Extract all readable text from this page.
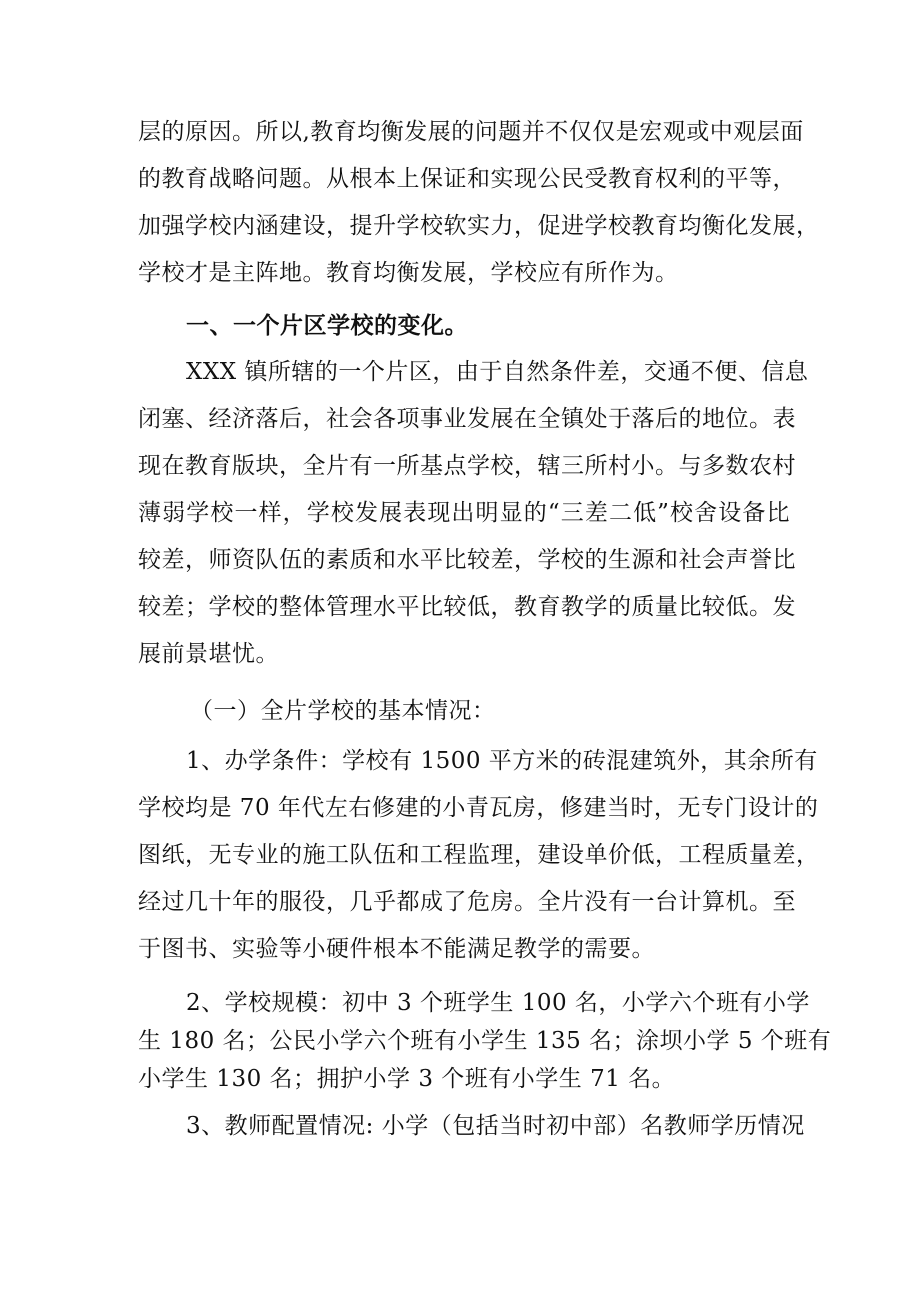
层的原因。所以,教育均衡发展的问题并不仅仅是宏观或中观层面
的教育战略问题。从根本上保证和实现公民受教育权利的平等，
加强学校内涵建设，提升学校软实力，促进学校教育均衡化发展，
学校才是主阵地。教育均衡发展，学校应有所作为。
一、一个片区学校的变化。
XXX 镇所辖的一个片区，由于自然条件差，交通不便、信息
闭塞、经济落后，社会各项事业发展在全镇处于落后的地位。表
现在教育版块，全片有一所基点学校，辖三所村小。与多数农村
薄弱学校一样，学校发展表现出明显的“三差二低”校舍设备比
较差，师资队伍的素质和水平比较差，学校的生源和社会声誉比
较差；学校的整体管理水平比较低，教育教学的质量比较低。发
展前景堪忧。
（一）全片学校的基本情况：
1、办学条件：学校有 1500 平方米的砖混建筑外，其余所有
学校均是 70 年代左右修建的小青瓦房，修建当时，无专门设计的
图纸，无专业的施工队伍和工程监理，建设单价低，工程质量差，
经过几十年的服役，几乎都成了危房。全片没有一台计算机。至
于图书、实验等小硬件根本不能满足教学的需要。
2、学校规模：初中 3 个班学生 100 名，小学六个班有小学
生 180 名；公民小学六个班有小学生 135 名；涂坝小学 5 个班有
小学生 130 名；拥护小学 3 个班有小学生 71 名。
3、教师配置情况: 小学（包括当时初中部）名教师学历情况
